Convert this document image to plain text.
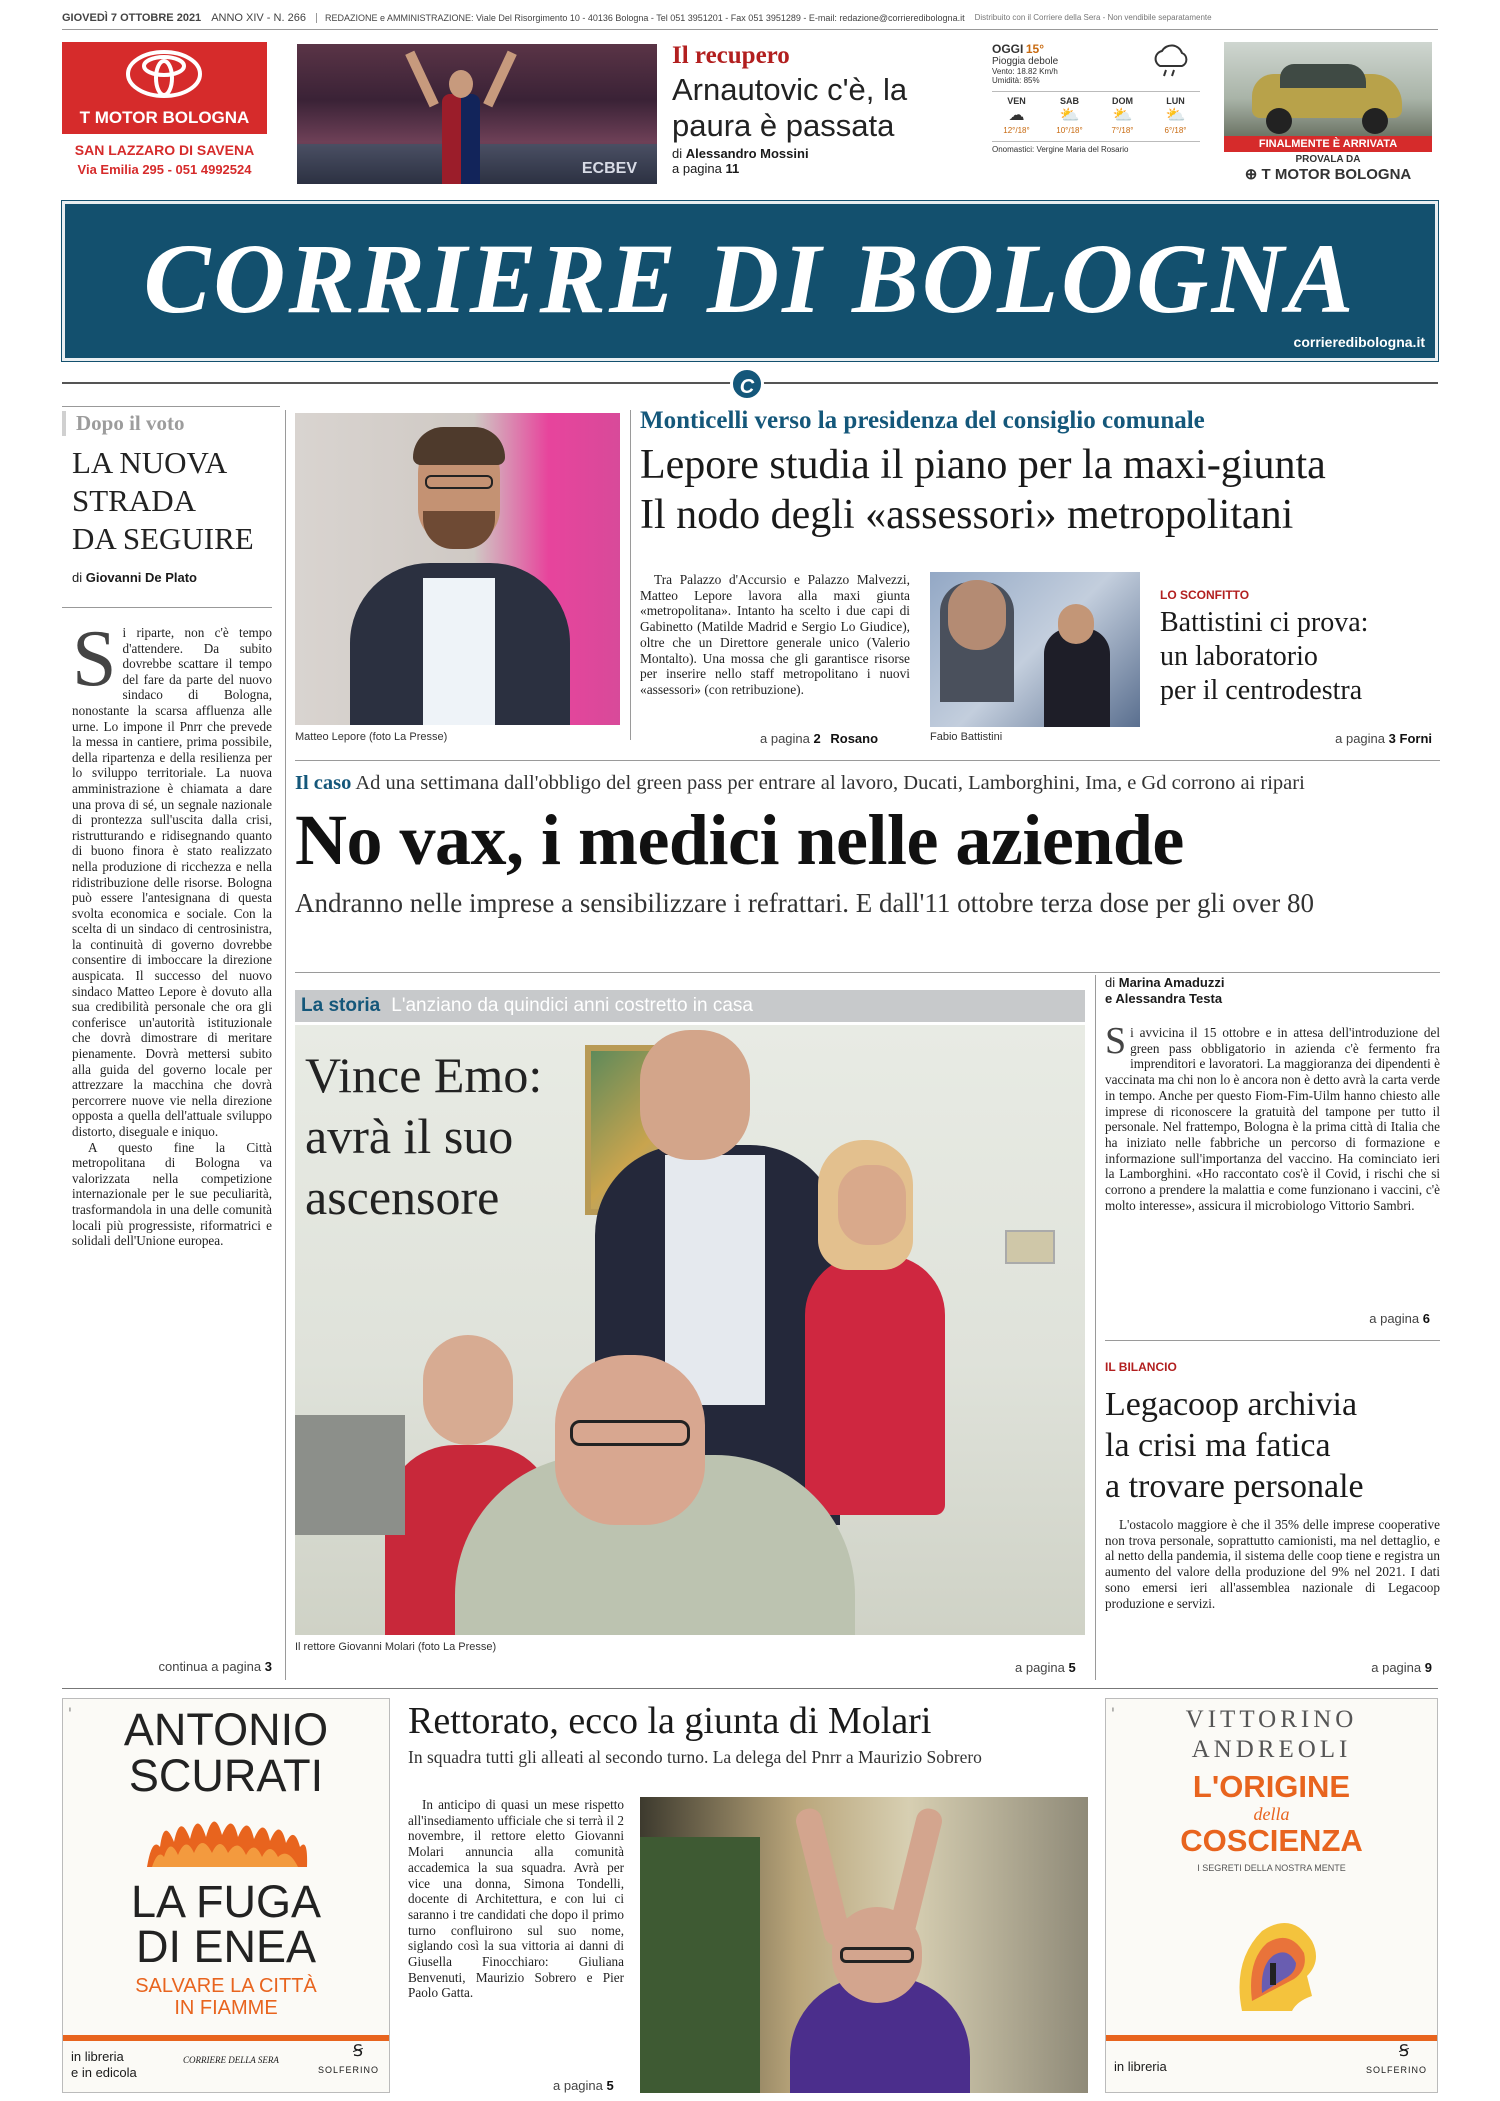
GIOVEDÌ 7 OTTOBRE 2021 ANNO XIV - N. 266	REDAZIONE e AMMINISTRAZIONE: Viale Del Risorgimento 10 - 40136 Bologna - Tel 051 3951201 - Fax 051 3951289 - E-mail: redazione@corrieredibologna.it Distribuito con il Corriere della Sera - Non vendibile separatamente
T MOTOR BOLOGNA
SAN LAZZARO DI SAVENA
Via Emilia 295 - 051 4992524	ECBEV
Il recupero
Arnautovic c'è, la paura è passata
di Alessandro Mossini
a pagina 11
OGGI 15°
Pioggia debole
Vento: 18.82 Km/h
Umidità: 85%
VEN
☁
12°/18°
SAB
⛅
10°/18°
DOM
⛅
7°/18°
LUN
⛅
6°/18°
Onomastici: Vergine Maria del Rosario	FINALMENTE È ARRIVATA
PROVALA DA
⊕ T MOTOR BOLOGNA
CORRIERE DI BOLOGNA
corrieredibologna.it
C
Dopo il voto
LA NUOVA
STRADA
DA SEGUIRE
di Giovanni De Plato
S i riparte, non c'è tempo d'attendere. Da subito dovrebbe scattare il tempo del fare da parte del nuovo sindaco di Bologna, nonostante la scarsa affluenza alle urne. Lo impone il Pnrr che prevede la messa in cantiere, prima possibile, della ripartenza e della resilienza per lo sviluppo territoriale. La nuova amministrazione è chiamata a dare una prova di sé, un segnale nazionale di prontezza sull'uscita dalla crisi, ristrutturando e ridisegnando quanto di buono finora è stato realizzato nella produzione di ricchezza e nella ridistribuzione delle risorse. Bologna può essere l'antesignana di questa svolta economica e sociale. Con la scelta di un sindaco di centrosinistra, la continuità di governo dovrebbe consentire di imboccare la direzione auspicata. Il successo del nuovo sindaco Matteo Lepore è dovuto alla sua credibilità personale che ora gli conferisce un'autorità istituzionale che dovrà dimostrare di meritare pienamente. Dovrà mettersi subito alla guida del governo locale per attrezzare la macchina che dovrà percorrere nuove vie nella direzione opposta a quella dell'attuale sviluppo distorto, diseguale e iniquo.
A questo fine la Città metropolitana di Bologna va valorizzata nella competizione internazionale per le sue peculiarità, trasformandola in una delle comunità locali più progressiste, riformatrici e solidali dell'Unione europea.
continua a pagina 3
Matteo Lepore (foto La Presse)
Monticelli verso la presidenza del consiglio comunale
Lepore studia il piano per la maxi-giunta
Il nodo degli «assessori» metropolitani
Tra Palazzo d'Accursio e Palazzo Malvezzi, Matteo Lepore lavora alla maxi giunta «metropolitana». Intanto ha scelto i due capi di Gabinetto (Matilde Madrid e Sergio Lo Giudice), oltre che un Direttore generale unico (Valerio Montalto). Una mossa che gli garantisce risorse per inserire nello staff metropolitano i nuovi «assessori» (con retribuzione).
a pagina 2 Rosano	Fabio Battistini
LO SCONFITTO
Battistini ci prova:
un laboratorio
per il centrodestra
a pagina 3 Forni
Il caso Ad una settimana dall'obbligo del green pass per entrare al lavoro, Ducati, Lamborghini, Ima, e Gd corrono ai ripari
No vax, i medici nelle aziende
Andranno nelle imprese a sensibilizzare i refrattari. E dall'11 ottobre terza dose per gli over 80
La storia L'anziano da quindici anni costretto in casa
Vince Emo:
avrà il suo
ascensore
Il rettore Giovanni Molari (foto La Presse)
a pagina 5
di Marina Amaduzzi
e Alessandra Testa
S i avvicina il 15 ottobre e in attesa dell'introduzione del green pass obbligatorio in azienda c'è fermento fra imprenditori e lavoratori. La maggioranza dei dipendenti è vaccinata ma chi non lo è ancora non è detto avrà la carta verde in tempo. Anche per questo Fiom-Fim-Uilm hanno chiesto alle imprese di riconoscere la gratuità del tampone per tutto il personale. Nel frattempo, Bologna è la prima città di Italia che ha iniziato nelle fabbriche un percorso di formazione e informazione sull'importanza del vaccino. Ha cominciato ieri la Lamborghini. «Ho raccontato cos'è il Covid, i rischi che si corrono a prendere la malattia e come funzionano i vaccini, c'è molto interesse», assicura il microbiologo Vittorio Sambri.
a pagina 6
IL BILANCIO
Legacoop archivia
la crisi ma fatica
a trovare personale
L'ostacolo maggiore è che il 35% delle imprese cooperative non trova personale, soprattutto camionisti, ma nel dettaglio, e al netto della pandemia, il sistema delle coop tiene e registra un aumento del valore della produzione del 9% nel 2021. I dati sono emersi ieri all'assemblea nazionale di Legacoop produzione e servizi.
a pagina 9
ⁱ	ANTONIO
SCURATI
LA FUGA
DI ENEA
SALVARE LA CITTÀ
IN FIAMME
in libreria
e in edicola
CORRIERE DELLA SERA	Ꞩ
SOLFERINO
Rettorato, ecco la giunta di Molari
In squadra tutti gli alleati al secondo turno. La delega del Pnrr a Maurizio Sobrero
In anticipo di quasi un mese rispetto all'insediamento ufficiale che si terrà il 2 novembre, il rettore eletto Giovanni Molari annuncia alla comunità accademica la sua squadra. Avrà per vice una donna, Simona Tondelli, docente di Architettura, e con lui ci saranno i tre candidati che dopo il primo turno confluirono sul suo nome, siglando così la sua vittoria ai danni di Giusella Finocchiaro: Giuliana Benvenuti, Maurizio Sobrero e Pier Paolo Gatta.
a pagina 5
ⁱ	VITTORINO
ANDREOLI
L'ORIGINE
della
COSCIENZA
I SEGRETI DELLA NOSTRA MENTE
in libreria
Ꞩ
SOLFERINO
